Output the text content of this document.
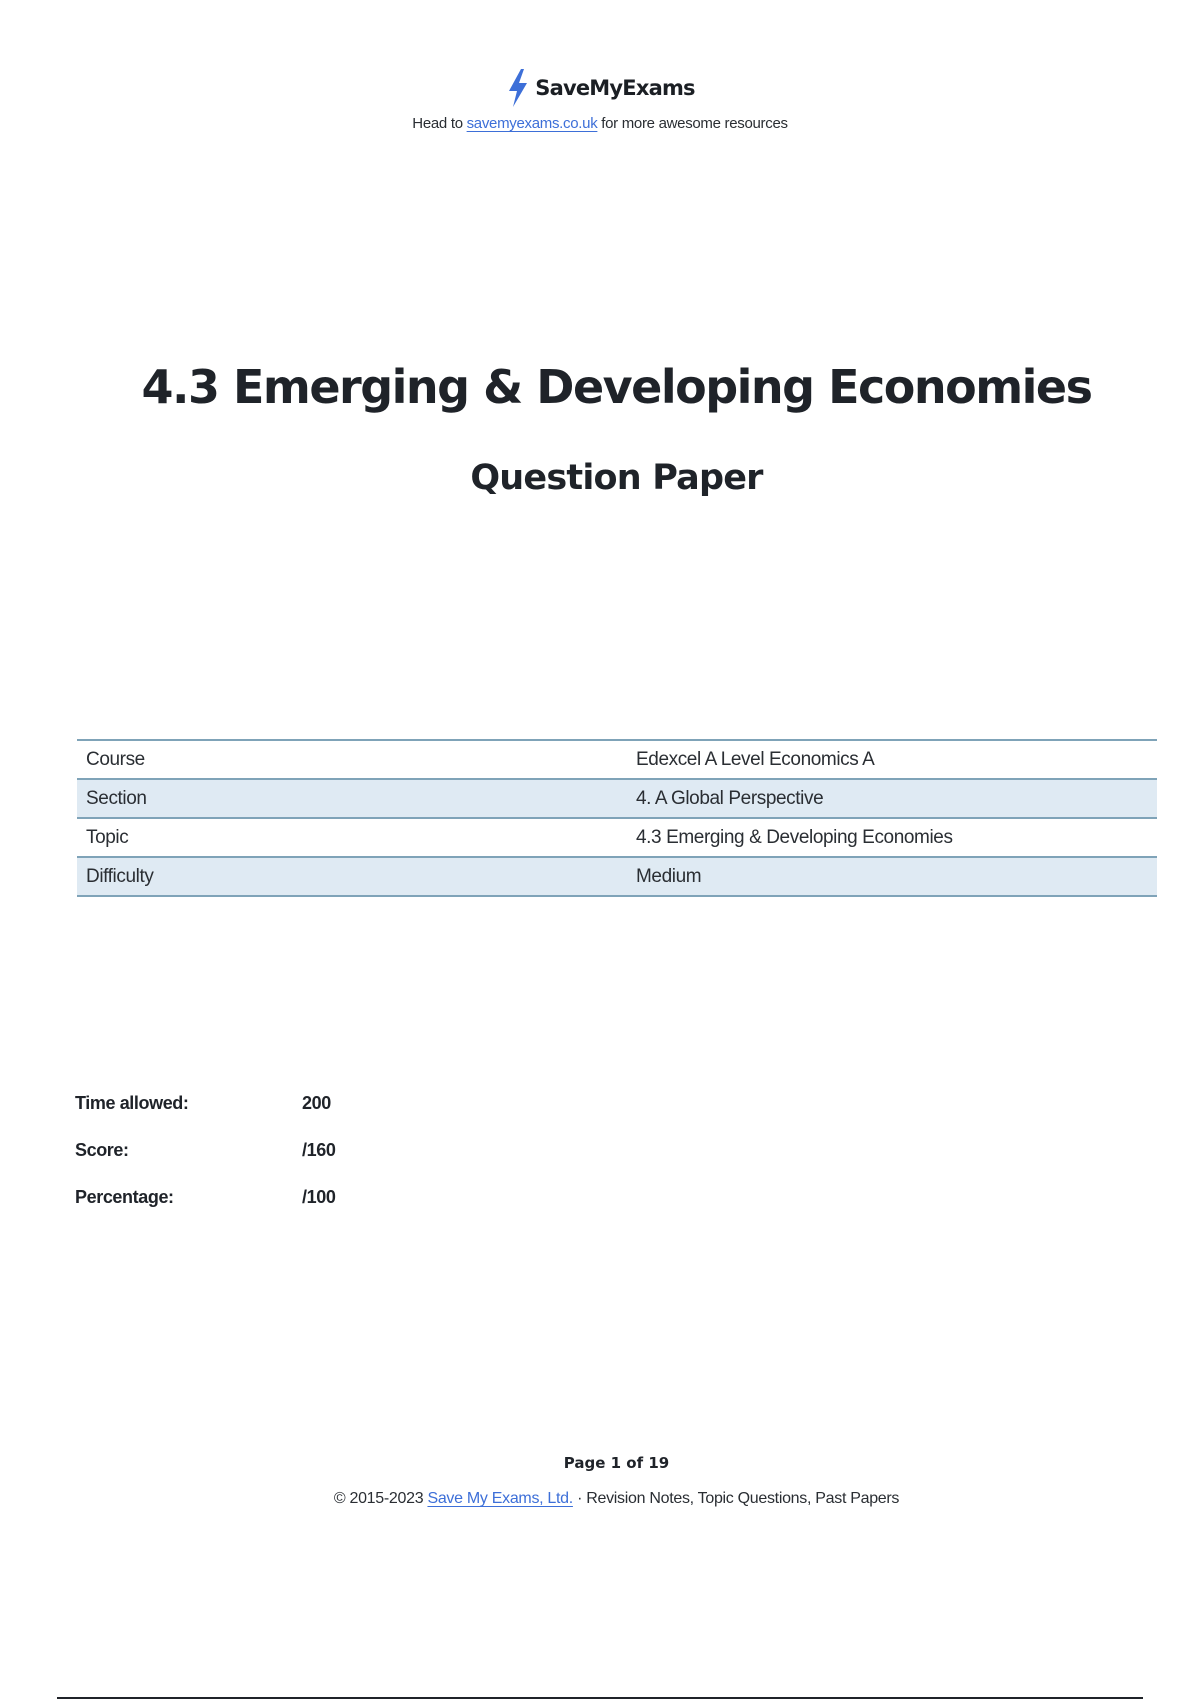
SaveMyExams
Head to savemyexams.co.uk for more awesome resources
4.3 Emerging & Developing Economies
Question Paper
Course	Edexcel A Level Economics A
Section	4. A Global Perspective
Topic	4.3 Emerging & Developing Economies
Difficulty	Medium
Time allowed:	200
Score:	/160
Percentage:	/100
Page 1 of 19
© 2015-2023 Save My Exams, Ltd. · Revision Notes, Topic Questions, Past Papers
